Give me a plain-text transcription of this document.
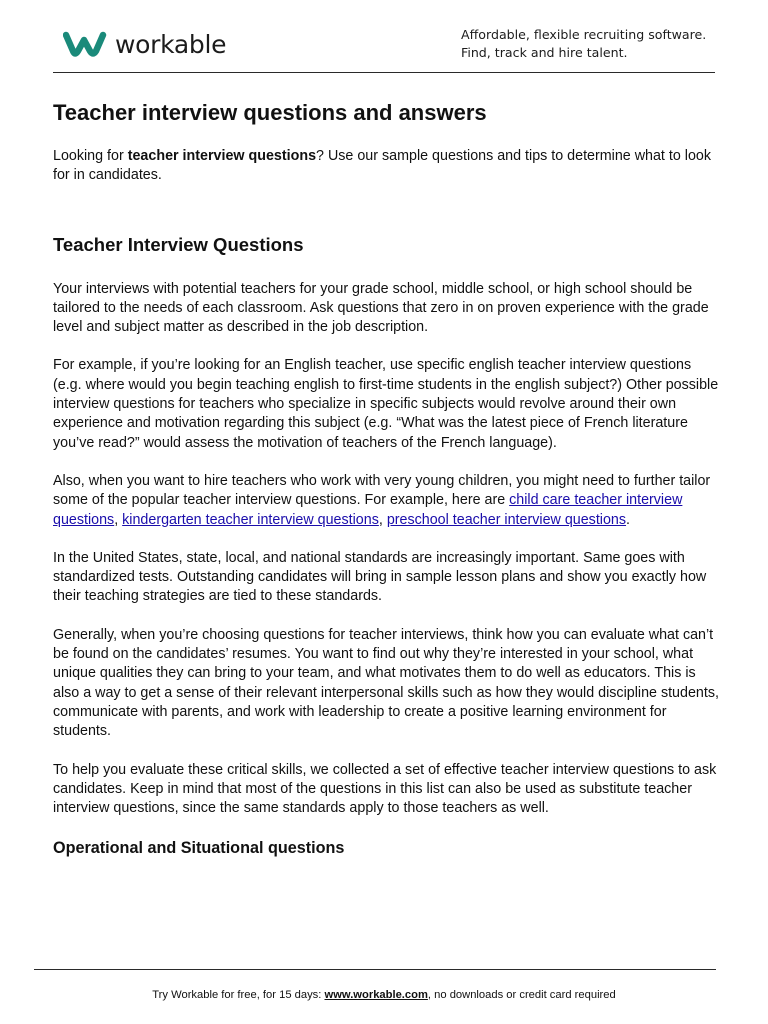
workable	Affordable, flexible recruiting software.
Find, track and hire talent.
Teacher interview questions and answers

Looking for teacher interview questions? Use our sample questions and tips to determine what to look for in candidates.

Teacher Interview Questions

Your interviews with potential teachers for your grade school, middle school, or high school should be tailored to the needs of each classroom. Ask questions that zero in on proven experience with the grade level and subject matter as described in the job description.

For example, if you’re looking for an English teacher, use specific english teacher interview questions (e.g. where would you begin teaching english to first-time students in the english subject?) Other possible interview questions for teachers who specialize in specific subjects would revolve around their own experience and motivation regarding this subject (e.g. “What was the latest piece of French literature you’ve read?” would assess the motivation of teachers of the French language).

Also, when you want to hire teachers who work with very young children, you might need to further tailor some of the popular teacher interview questions. For example, here are child care teacher interview questions, kindergarten teacher interview questions, preschool teacher interview questions.

In the United States, state, local, and national standards are increasingly important. Same goes with standardized tests. Outstanding candidates will bring in sample lesson plans and show you exactly how their teaching strategies are tied to these standards.

Generally, when you’re choosing questions for teacher interviews, think how you can evaluate what can’t be found on the candidates’ resumes. You want to find out why they’re interested in your school, what unique qualities they can bring to your team, and what motivates them to do well as educators. This is also a way to get a sense of their relevant interpersonal skills such as how they would discipline students, communicate with parents, and work with leadership to create a positive learning environment for students.

To help you evaluate these critical skills, we collected a set of effective teacher interview questions to ask candidates. Keep in mind that most of the questions in this list can also be used as substitute teacher interview questions, since the same standards apply to those teachers as well.

Operational and Situational questions
Try Workable for free, for 15 days: www.workable.com, no downloads or credit card required
